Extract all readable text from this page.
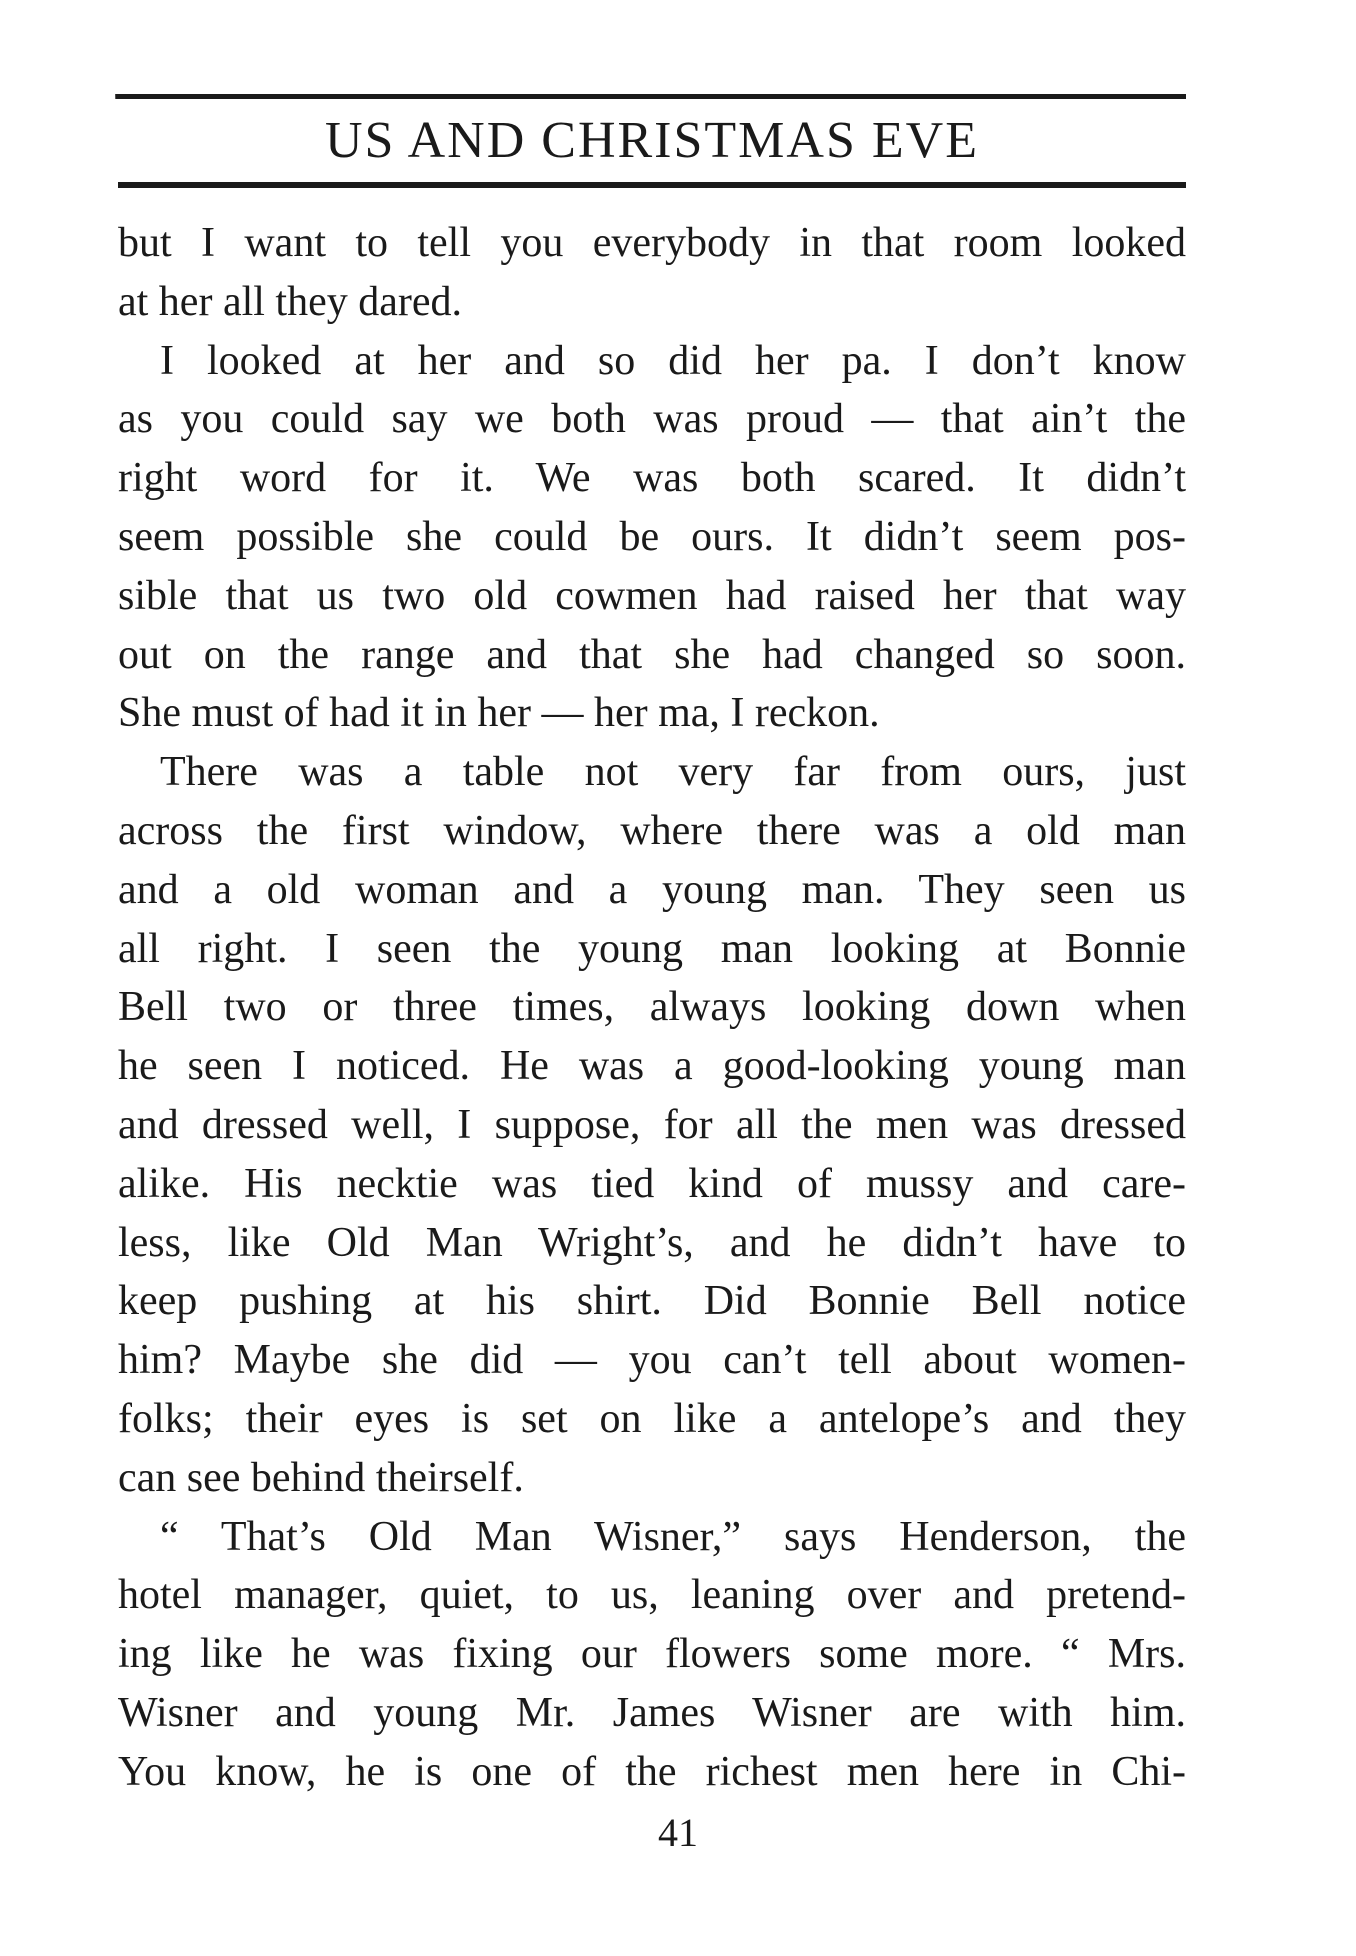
US AND CHRISTMAS EVE
but I want to tell you everybody in that room looked
at her all they dared.
I looked at her and so did her pa. I don’t know
as you could say we both was proud — that ain’t the
right word for it. We was both scared. It didn’t
seem possible she could be ours. It didn’t seem pos-
sible that us two old cowmen had raised her that way
out on the range and that she had changed so soon.
She must of had it in her — her ma, I reckon.
There was a table not very far from ours, just
across the first window, where there was a old man
and a old woman and a young man. They seen us
all right. I seen the young man looking at Bonnie
Bell two or three times, always looking down when
he seen I noticed. He was a good-looking young man
and dressed well, I suppose, for all the men was dressed
alike. His necktie was tied kind of mussy and care-
less, like Old Man Wright’s, and he didn’t have to
keep pushing at his shirt. Did Bonnie Bell notice
him? Maybe she did — you can’t tell about women-
folks; their eyes is set on like a antelope’s and they
can see behind theirself.
“ That’s Old Man Wisner,” says Henderson, the
hotel manager, quiet, to us, leaning over and pretend-
ing like he was fixing our flowers some more. “ Mrs.
Wisner and young Mr. James Wisner are with him.
You know, he is one of the richest men here in Chi-
41
